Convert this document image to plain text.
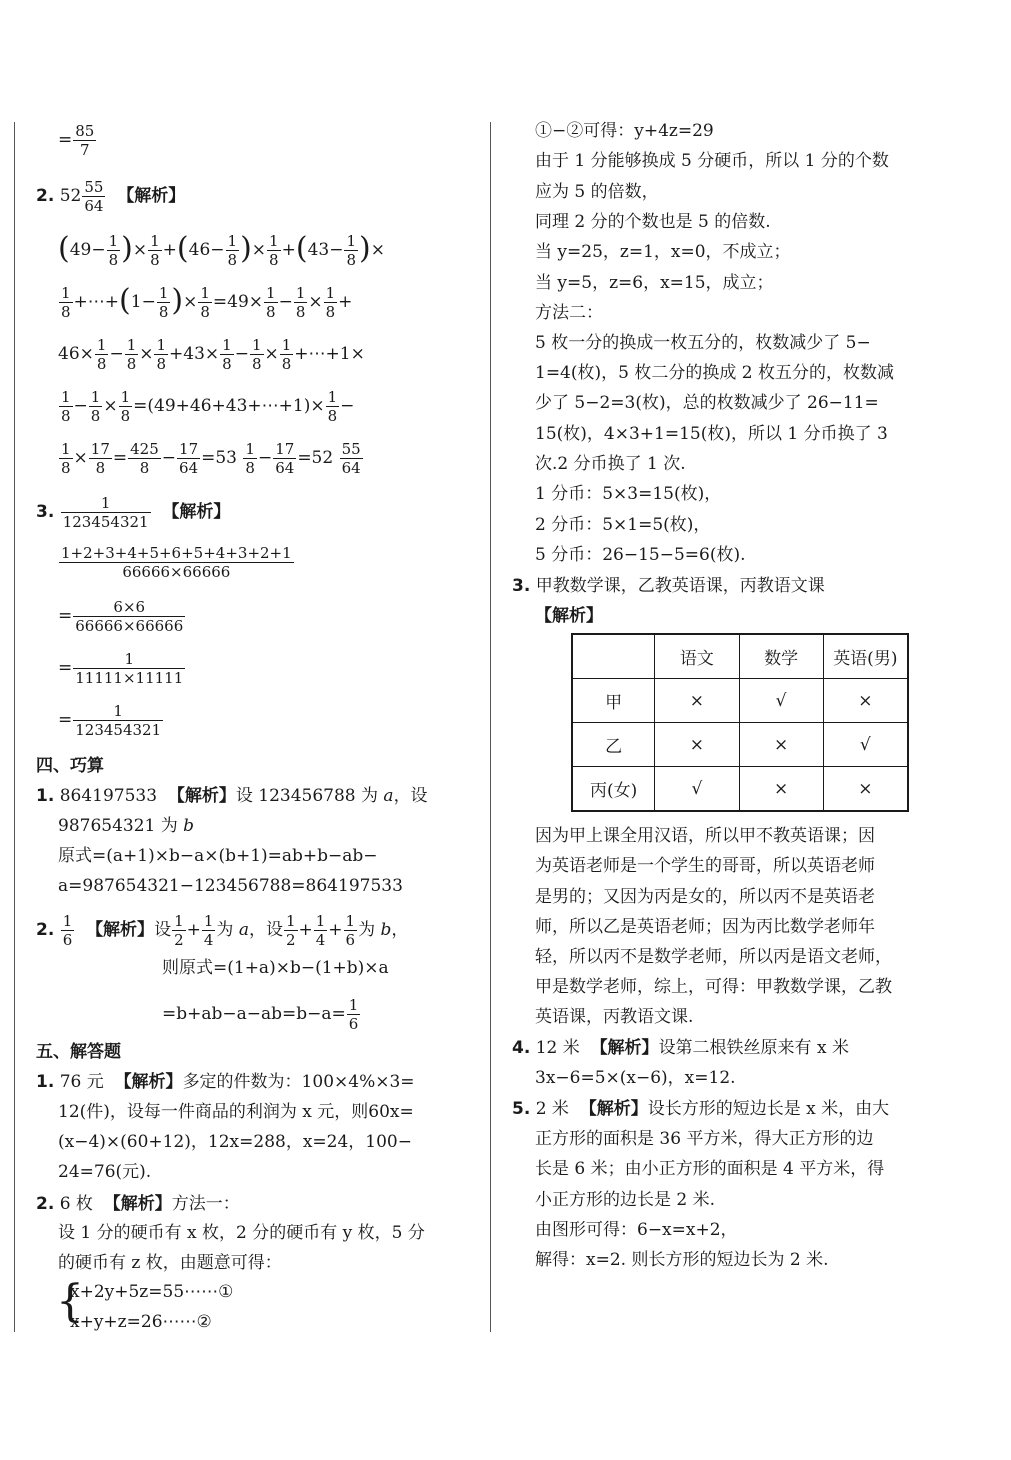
= $\frac{85}{7}$
2. $52 \frac{55}{64}$ 【解析】
($49- \frac{1}{8}$ )× $\frac{1}{8} +(46- \frac{1}{8}$ )× $\frac{1}{8} +(43- \frac{1}{8}$ )×
$\frac{1}{8}$ +⋯+(1− $\frac{1}{8}$ )× $\frac{1}{8} =49\times \frac{1}{8} - \frac{1}{8} \times \frac{1}{8}$ +
$46\times \frac{1}{8} - \frac{1}{8} \times \frac{1}{8} +43\times \frac{1}{8} - \frac{1}{8} \times \frac{1}{8}$ +⋯+1×
$\frac{1}{8} - \frac{1}{8} \times \frac{1}{8}$ =(49+46+43+⋯+1)× $\frac{1}{8}$ −
$\frac{1}{8} \times \frac{17}{8} = \frac{425}{8} - \frac{17}{64} =53 \frac{1}{8} - \frac{17}{64} =52 \frac{55}{64}$
3. $\frac{1}{123454321}$ 【解析】
$\frac{1+2+3+4+5+6+5+4+3+2+1}{66666\times 66666}$
= $\frac{6\times 6}{66666\times 66666}$
= $\frac{1}{11111\times 11111}$
= $\frac{1}{123454321}$
四、巧算
1. 864197533 【解析】设 123456788 为 a，设
987654321 为 b
原式=(a+1)×b−a×(b+1)=ab+b−ab−
a=987654321−123456788=864197533
2. $\frac{1}{6}$ 【解析】设 $\frac{1}{2} + \frac{1}{4}$ 为 a，设 $\frac{1}{2} + \frac{1}{4} + \frac{1}{6}$ 为 b，
则原式=(1+a)×b−(1+b)×a
$=b+ab-a-ab=b-a= \frac{1}{6}$
五、解答题
1. 76 元 【解析】多定的件数为：100×4%×3=
12(件)，设每一件商品的利润为 x 元，则60x=
(x−4)×(60+12)，12x=288，x=24，100−
24=76(元).
2. 6 枚 【解析】方法一：
设 1 分的硬币有 x 枚，2 分的硬币有 y 枚，5 分
的硬币有 z 枚，由题意可得：
{
x+2y+5z=55⋯⋯①
x+y+z=26⋯⋯②
①−②可得：y+4z=29
由于 1 分能够换成 5 分硬币，所以 1 分的个数
应为 5 的倍数，
同理 2 分的个数也是 5 的倍数.
当 y=25，z=1，x=0，不成立；
当 y=5，z=6，x=15，成立；
方法二：
5 枚一分的换成一枚五分的，枚数减少了 5−
1=4(枚)，5 枚二分的换成 2 枚五分的，枚数减
少了 5−2=3(枚)，总的枚数减少了 26−11=
15(枚)，4×3+1=15(枚)，所以 1 分币换了 3
次.2 分币换了 1 次.
1 分币：5×3=15(枚)，
2 分币：5×1=5(枚)，
5 分币：26−15−5=6(枚).
3. 甲教数学课，乙教英语课，丙教语文课
【解析】
	语文	数学	英语(男)
甲	×	√	×
乙	×	×	√
丙(女)	√	×	×
因为甲上课全用汉语，所以甲不教英语课；因
为英语老师是一个学生的哥哥，所以英语老师
是男的；又因为丙是女的，所以丙不是英语老
师，所以乙是英语老师；因为丙比数学老师年
轻，所以丙不是数学老师，所以丙是语文老师，
甲是数学老师，综上，可得：甲教数学课，乙教
英语课，丙教语文课.
4. 12 米 【解析】设第二根铁丝原来有 x 米
3x−6=5×(x−6)，x=12.
5. 2 米 【解析】设长方形的短边长是 x 米，由大
正方形的面积是 36 平方米，得大正方形的边
长是 6 米；由小正方形的面积是 4 平方米，得
小正方形的边长是 2 米.
由图形可得：6−x=x+2，
解得：x=2. 则长方形的短边长为 2 米.
